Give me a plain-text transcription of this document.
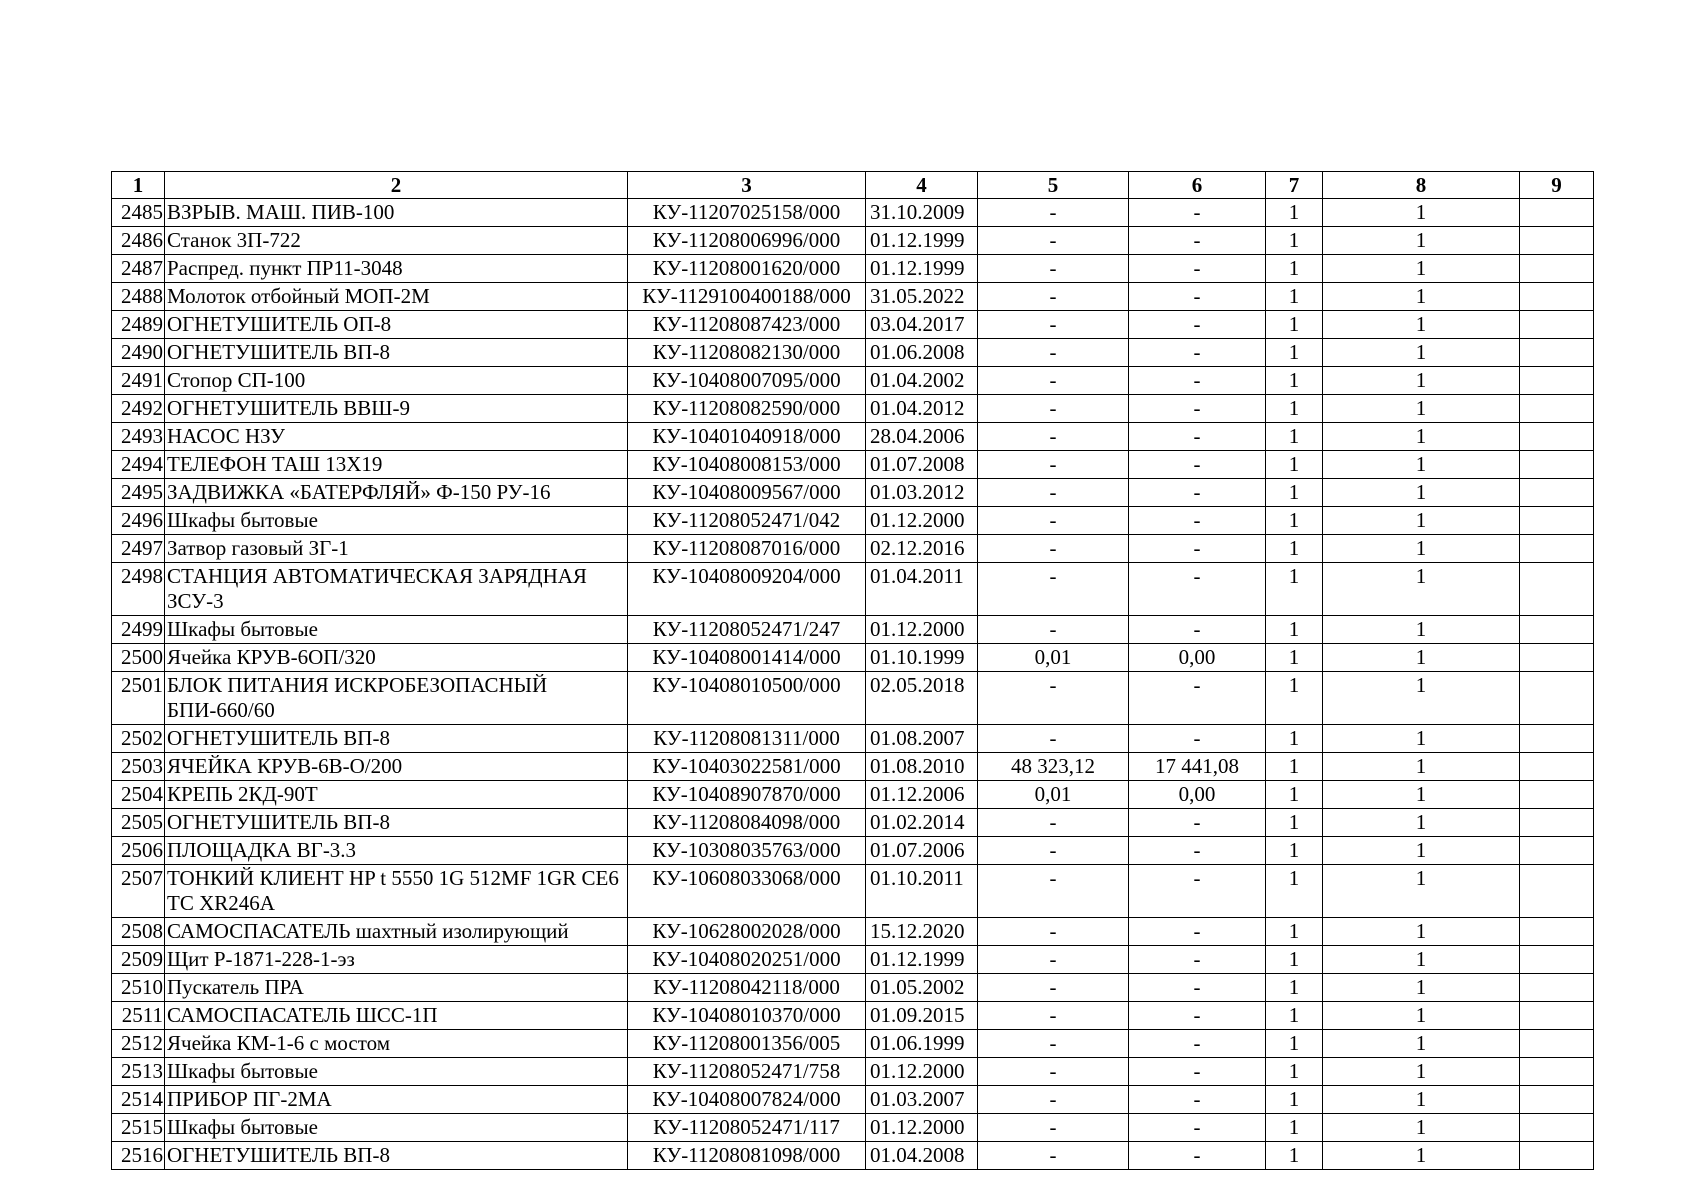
1	2	3	4	5	6	7	8	9
2485	ВЗРЫВ. МАШ. ПИВ-100	КУ-11207025158/000	31.10.2009	-	-	1	1	
2486	Станок 3П-722	КУ-11208006996/000	01.12.1999	-	-	1	1	
2487	Распред. пункт ПР11-3048	КУ-11208001620/000	01.12.1999	-	-	1	1	
2488	Молоток отбойный МОП-2М	КУ-1129100400188/000	31.05.2022	-	-	1	1	
2489	ОГНЕТУШИТЕЛЬ ОП-8	КУ-11208087423/000	03.04.2017	-	-	1	1	
2490	ОГНЕТУШИТЕЛЬ ВП-8	КУ-11208082130/000	01.06.2008	-	-	1	1	
2491	Стопор СП-100	КУ-10408007095/000	01.04.2002	-	-	1	1	
2492	ОГНЕТУШИТЕЛЬ ВВШ-9	КУ-11208082590/000	01.04.2012	-	-	1	1	
2493	НАСОС НЗУ	КУ-10401040918/000	28.04.2006	-	-	1	1	
2494	ТЕЛЕФОН ТАШ 13Х19	КУ-10408008153/000	01.07.2008	-	-	1	1	
2495	ЗАДВИЖКА «БАТЕРФЛЯЙ» Ф-150 РУ-16	КУ-10408009567/000	01.03.2012	-	-	1	1	
2496	Шкафы бытовые	КУ-11208052471/042	01.12.2000	-	-	1	1	
2497	Затвор газовый ЗГ-1	КУ-11208087016/000	02.12.2016	-	-	1	1	
2498	СТАНЦИЯ АВТОМАТИЧЕСКАЯ ЗАРЯДНАЯ ЗСУ-3	КУ-10408009204/000	01.04.2011	-	-	1	1	
2499	Шкафы бытовые	КУ-11208052471/247	01.12.2000	-	-	1	1	
2500	Ячейка КРУВ-6ОП/320	КУ-10408001414/000	01.10.1999	0,01	0,00	1	1	
2501	БЛОК ПИТАНИЯ ИСКРОБЕЗОПАСНЫЙ БПИ-660/60	КУ-10408010500/000	02.05.2018	-	-	1	1	
2502	ОГНЕТУШИТЕЛЬ ВП-8	КУ-11208081311/000	01.08.2007	-	-	1	1	
2503	ЯЧЕЙКА КРУВ-6В-О/200	КУ-10403022581/000	01.08.2010	48 323,12	17 441,08	1	1	
2504	КРЕПЬ 2КД-90Т	КУ-10408907870/000	01.12.2006	0,01	0,00	1	1	
2505	ОГНЕТУШИТЕЛЬ ВП-8	КУ-11208084098/000	01.02.2014	-	-	1	1	
2506	ПЛОЩАДКА ВГ-3.3	КУ-10308035763/000	01.07.2006	-	-	1	1	
2507	ТОНКИЙ КЛИЕНТ HP t 5550 1G 512MF 1GR CE6 TC XR246A	КУ-10608033068/000	01.10.2011	-	-	1	1	
2508	САМОСПАСАТЕЛЬ шахтный изолирующий	КУ-10628002028/000	15.12.2020	-	-	1	1	
2509	Щит Р-1871-228-1-эз	КУ-10408020251/000	01.12.1999	-	-	1	1	
2510	Пускатель ПРА	КУ-11208042118/000	01.05.2002	-	-	1	1	
2511	САМОСПАСАТЕЛЬ ШСС-1П	КУ-10408010370/000	01.09.2015	-	-	1	1	
2512	Ячейка КМ-1-6 с мостом	КУ-11208001356/005	01.06.1999	-	-	1	1	
2513	Шкафы бытовые	КУ-11208052471/758	01.12.2000	-	-	1	1	
2514	ПРИБОР ПГ-2МА	КУ-10408007824/000	01.03.2007	-	-	1	1	
2515	Шкафы бытовые	КУ-11208052471/117	01.12.2000	-	-	1	1	
2516	ОГНЕТУШИТЕЛЬ ВП-8	КУ-11208081098/000	01.04.2008	-	-	1	1	
